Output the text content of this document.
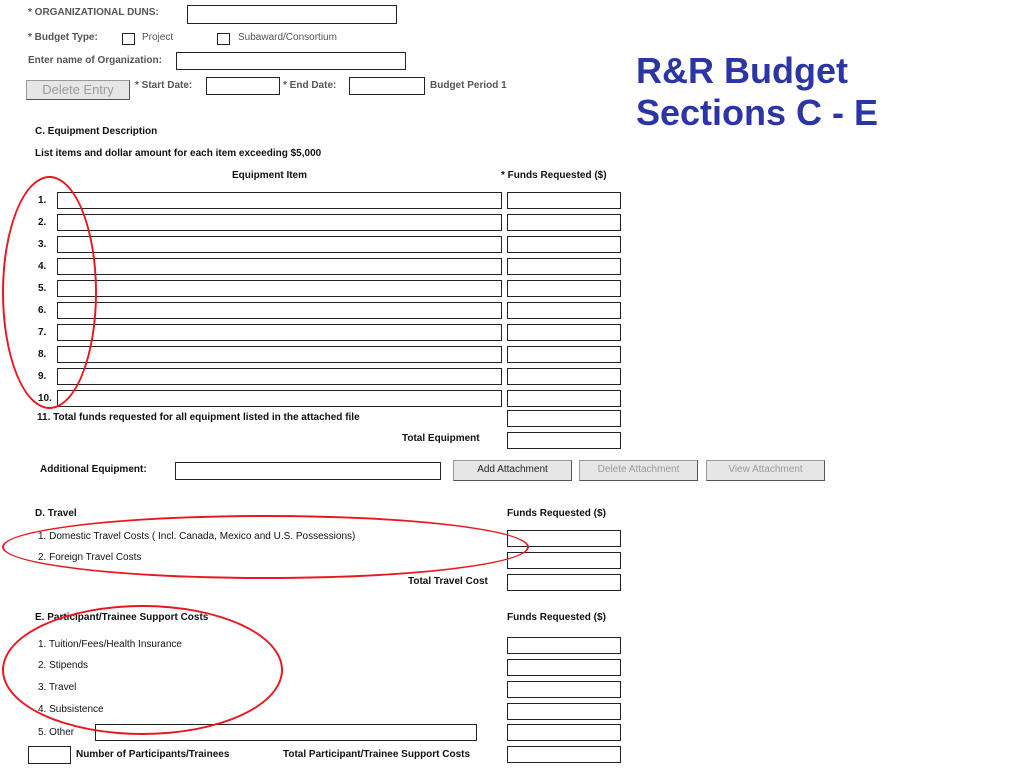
R&R Budget
Sections C - E
* ORGANIZATIONAL DUNS:
* Budget Type:	Project	Subaward/Consortium
Enter name of Organization:
Delete Entry	* Start Date:	* End Date:	Budget Period 1
C. Equipment Description
List items and dollar amount for each item exceeding $5,000
Equipment Item	* Funds Requested ($)
1.
2.
3.
4.
5.
6.
7.
8.
9.
10.
11. Total funds requested for all equipment listed in the attached file
Total Equipment
Additional Equipment:	Add Attachment	Delete Attachment	View Attachment
D. Travel	Funds Requested ($)
1. Domestic Travel Costs ( Incl. Canada, Mexico and U.S. Possessions)
2. Foreign Travel Costs
Total Travel Cost
E. Participant/Trainee Support Costs	Funds Requested ($)
1. Tuition/Fees/Health Insurance
2. Stipends
3. Travel
4. Subsistence
5. Other
Number of Participants/Trainees	Total Participant/Trainee Support Costs
